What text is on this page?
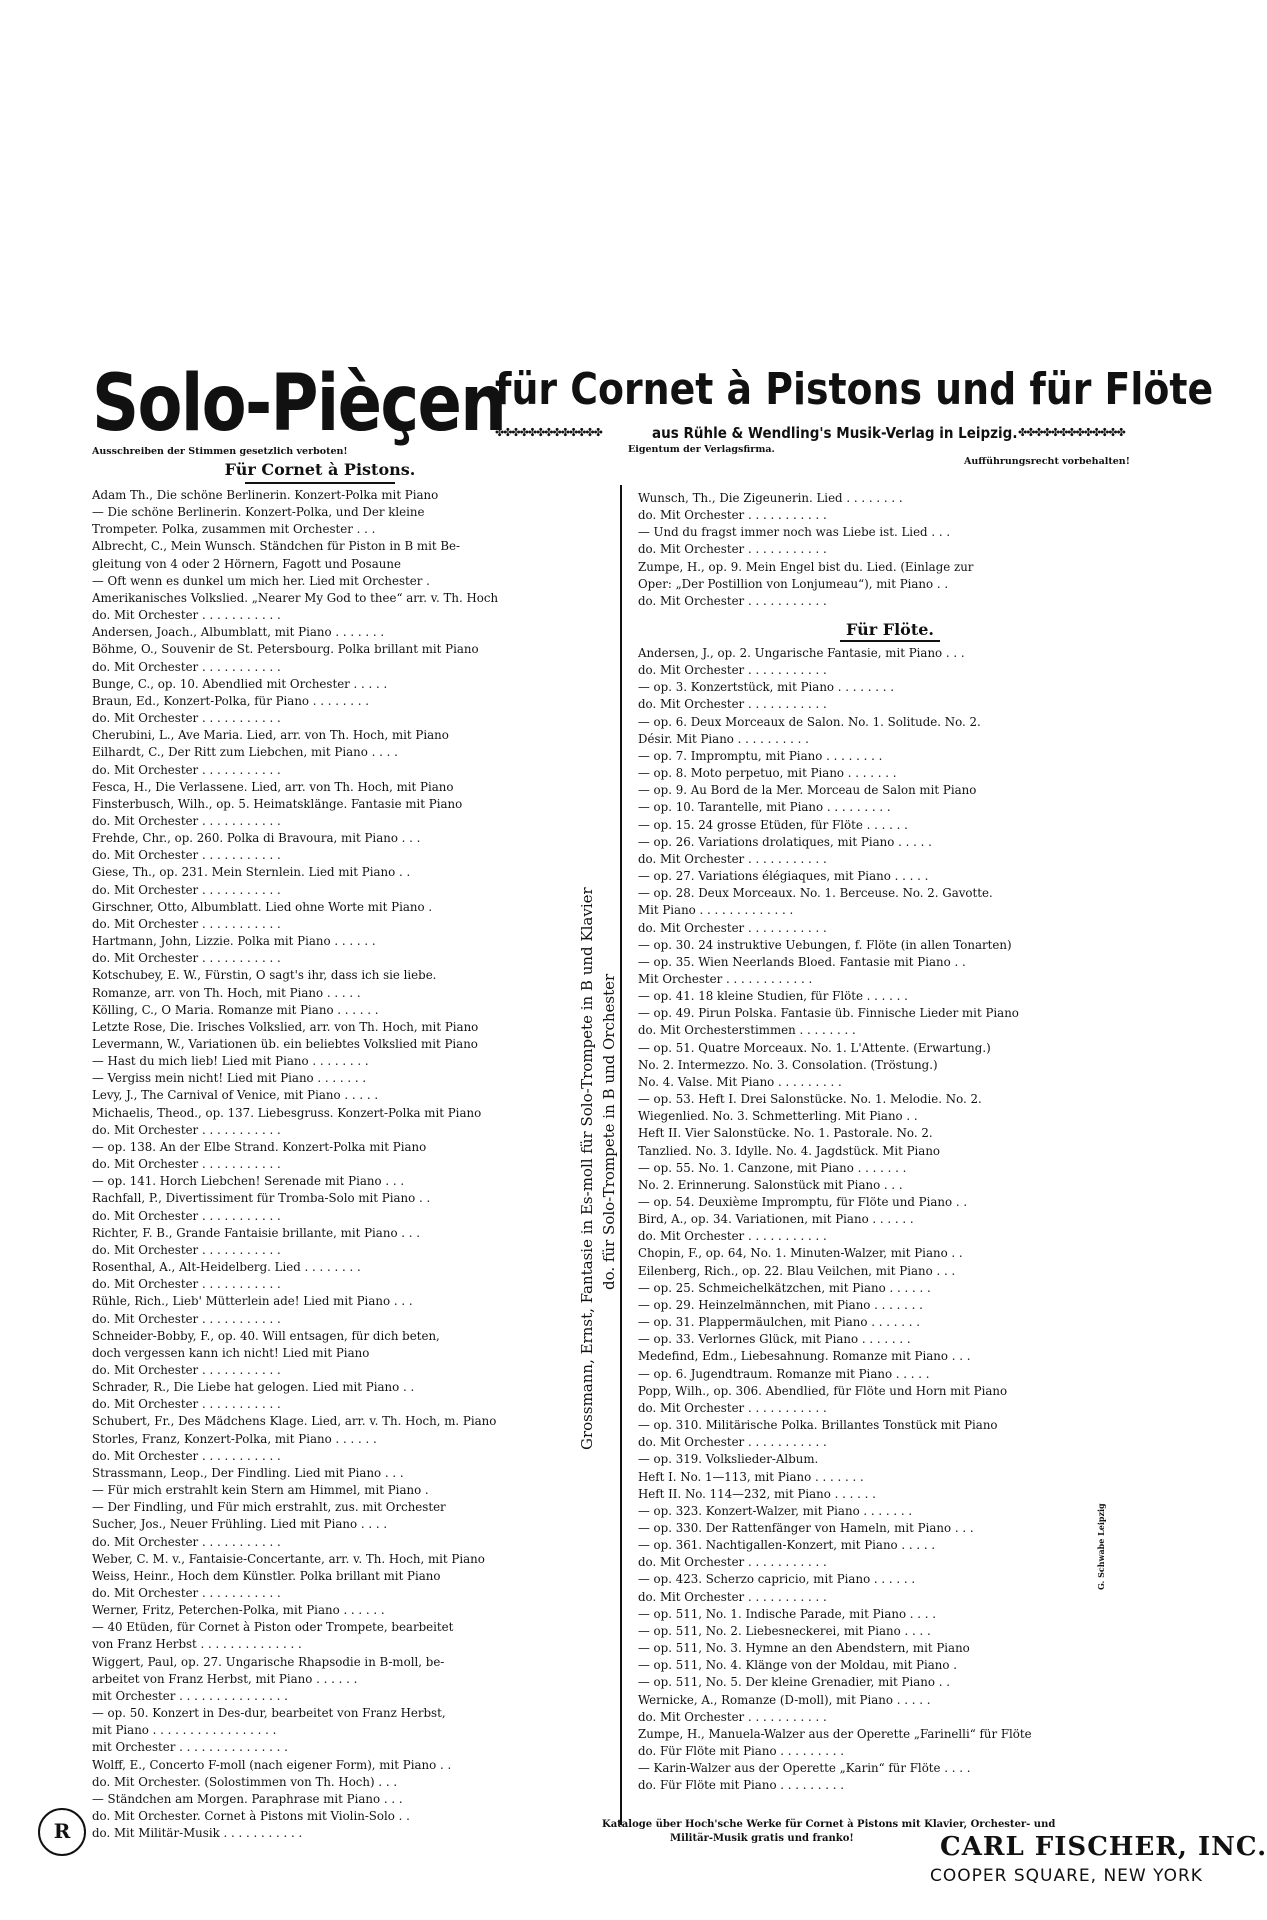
Solo-Pièçen
für Cornet à Pistons und für Flöte
✤✤✤✤✤✤✤✤✤✤✤✤✤	aus Rühle & Wendling's Musik-Verlag in Leipzig. ✤✤✤✤✤✤✤✤✤✤✤✤✤
Ausschreiben der Stimmen gesetzlich verboten!	Eigentum der Verlagsfirma.
Aufführungsrecht vorbehalten!
Für Cornet à Pistons.
Adam Th., Die schöne Berlinerin. Konzert-Polka mit Piano
— Die schöne Berlinerin. Konzert-Polka, und Der kleine
Trompeter. Polka, zusammen mit Orchester . . .
Albrecht, C., Mein Wunsch. Ständchen für Piston in B mit Be-
gleitung von 4 oder 2 Hörnern, Fagott und Posaune
— Oft wenn es dunkel um mich her. Lied mit Orchester .
Amerikanisches Volkslied. „Nearer My God to thee“ arr. v. Th. Hoch
do. Mit Orchester . . . . . . . . . . .
Andersen, Joach., Albumblatt, mit Piano . . . . . . .
Böhme, O., Souvenir de St. Petersbourg. Polka brillant mit Piano
do. Mit Orchester . . . . . . . . . . .
Bunge, C., op. 10. Abendlied mit Orchester . . . . .
Braun, Ed., Konzert-Polka, für Piano . . . . . . . .
do. Mit Orchester . . . . . . . . . . .
Cherubini, L., Ave Maria. Lied, arr. von Th. Hoch, mit Piano
Eilhardt, C., Der Ritt zum Liebchen, mit Piano . . . .
do. Mit Orchester . . . . . . . . . . .
Fesca, H., Die Verlassene. Lied, arr. von Th. Hoch, mit Piano
Finsterbusch, Wilh., op. 5. Heimatsklänge. Fantasie mit Piano
do. Mit Orchester . . . . . . . . . . .
Frehde, Chr., op. 260. Polka di Bravoura, mit Piano . . .
do. Mit Orchester . . . . . . . . . . .
Giese, Th., op. 231. Mein Sternlein. Lied mit Piano . .
do. Mit Orchester . . . . . . . . . . .
Girschner, Otto, Albumblatt. Lied ohne Worte mit Piano .
do. Mit Orchester . . . . . . . . . . .
Hartmann, John, Lizzie. Polka mit Piano . . . . . .
do. Mit Orchester . . . . . . . . . . .
Kotschubey, E. W., Fürstin, O sagt's ihr, dass ich sie liebe.
Romanze, arr. von Th. Hoch, mit Piano . . . . .
Kölling, C., O Maria. Romanze mit Piano . . . . . .
Letzte Rose, Die. Irisches Volkslied, arr. von Th. Hoch, mit Piano
Levermann, W., Variationen üb. ein beliebtes Volkslied mit Piano
— Hast du mich lieb! Lied mit Piano . . . . . . . .
— Vergiss mein nicht! Lied mit Piano . . . . . . .
Levy, J., The Carnival of Venice, mit Piano . . . . .
Michaelis, Theod., op. 137. Liebesgruss. Konzert-Polka mit Piano
do. Mit Orchester . . . . . . . . . . .
— op. 138. An der Elbe Strand. Konzert-Polka mit Piano
do. Mit Orchester . . . . . . . . . . .
— op. 141. Horch Liebchen! Serenade mit Piano . . .
Rachfall, P., Divertissiment für Tromba-Solo mit Piano . .
do. Mit Orchester . . . . . . . . . . .
Richter, F. B., Grande Fantaisie brillante, mit Piano . . .
do. Mit Orchester . . . . . . . . . . .
Rosenthal, A., Alt-Heidelberg. Lied . . . . . . . .
do. Mit Orchester . . . . . . . . . . .
Rühle, Rich., Lieb' Mütterlein ade! Lied mit Piano . . .
do. Mit Orchester . . . . . . . . . . .
Schneider-Bobby, F., op. 40. Will entsagen, für dich beten,
doch vergessen kann ich nicht! Lied mit Piano
do. Mit Orchester . . . . . . . . . . .
Schrader, R., Die Liebe hat gelogen. Lied mit Piano . .
do. Mit Orchester . . . . . . . . . . .
Schubert, Fr., Des Mädchens Klage. Lied, arr. v. Th. Hoch, m. Piano
Storles, Franz, Konzert-Polka, mit Piano . . . . . .
do. Mit Orchester . . . . . . . . . . .
Strassmann, Leop., Der Findling. Lied mit Piano . . .
— Für mich erstrahlt kein Stern am Himmel, mit Piano .
— Der Findling, und Für mich erstrahlt, zus. mit Orchester
Sucher, Jos., Neuer Frühling. Lied mit Piano . . . .
do. Mit Orchester . . . . . . . . . . .
Weber, C. M. v., Fantaisie-Concertante, arr. v. Th. Hoch, mit Piano
Weiss, Heinr., Hoch dem Künstler. Polka brillant mit Piano
do. Mit Orchester . . . . . . . . . . .
Werner, Fritz, Peterchen-Polka, mit Piano . . . . . .
— 40 Etüden, für Cornet à Piston oder Trompete, bearbeitet
von Franz Herbst . . . . . . . . . . . . . .
Wiggert, Paul, op. 27. Ungarische Rhapsodie in B-moll, be-
arbeitet von Franz Herbst, mit Piano . . . . . .
mit Orchester . . . . . . . . . . . . . . .
— op. 50. Konzert in Des-dur, bearbeitet von Franz Herbst,
mit Piano . . . . . . . . . . . . . . . . .
mit Orchester . . . . . . . . . . . . . . .
Wolff, E., Concerto F-moll (nach eigener Form), mit Piano . .
do. Mit Orchester. (Solostimmen von Th. Hoch) . . .
— Ständchen am Morgen. Paraphrase mit Piano . . .
do. Mit Orchester. Cornet à Pistons mit Violin-Solo . .
do. Mit Militär-Musik . . . . . . . . . . .
Grossmann, Ernst, Fantasie in Es-moll für Solo-Trompete in B und Klavier do. für Solo-Trompete in B und Orchester
Wunsch, Th., Die Zigeunerin. Lied . . . . . . . .
do. Mit Orchester . . . . . . . . . . .
— Und du fragst immer noch was Liebe ist. Lied . . .
do. Mit Orchester . . . . . . . . . . .
Zumpe, H., op. 9. Mein Engel bist du. Lied. (Einlage zur
Oper: „Der Postillion von Lonjumeau“), mit Piano . .
do. Mit Orchester . . . . . . . . . . .
Für Flöte.
Andersen, J., op. 2. Ungarische Fantasie, mit Piano . . .
do. Mit Orchester . . . . . . . . . . .
— op. 3. Konzertstück, mit Piano . . . . . . . .
do. Mit Orchester . . . . . . . . . . .
— op. 6. Deux Morceaux de Salon. No. 1. Solitude. No. 2.
Désir. Mit Piano . . . . . . . . . .
— op. 7. Impromptu, mit Piano . . . . . . . .
— op. 8. Moto perpetuo, mit Piano . . . . . . .
— op. 9. Au Bord de la Mer. Morceau de Salon mit Piano
— op. 10. Tarantelle, mit Piano . . . . . . . . .
— op. 15. 24 grosse Etüden, für Flöte . . . . . .
— op. 26. Variations drolatiques, mit Piano . . . . .
do. Mit Orchester . . . . . . . . . . .
— op. 27. Variations élégiaques, mit Piano . . . . .
— op. 28. Deux Morceaux. No. 1. Berceuse. No. 2. Gavotte.
Mit Piano . . . . . . . . . . . . .
do. Mit Orchester . . . . . . . . . . .
— op. 30. 24 instruktive Uebungen, f. Flöte (in allen Tonarten)
— op. 35. Wien Neerlands Bloed. Fantasie mit Piano . .
Mit Orchester . . . . . . . . . . . .
— op. 41. 18 kleine Studien, für Flöte . . . . . .
— op. 49. Pirun Polska. Fantasie üb. Finnische Lieder mit Piano
do. Mit Orchesterstimmen . . . . . . . .
— op. 51. Quatre Morceaux. No. 1. L'Attente. (Erwartung.)
No. 2. Intermezzo. No. 3. Consolation. (Tröstung.)
No. 4. Valse. Mit Piano . . . . . . . . .
— op. 53. Heft I. Drei Salonstücke. No. 1. Melodie. No. 2.
Wiegenlied. No. 3. Schmetterling. Mit Piano . .
Heft II. Vier Salonstücke. No. 1. Pastorale. No. 2.
Tanzlied. No. 3. Idylle. No. 4. Jagdstück. Mit Piano
— op. 55. No. 1. Canzone, mit Piano . . . . . . .
No. 2. Erinnerung. Salonstück mit Piano . . .
— op. 54. Deuxième Impromptu, für Flöte und Piano . .
Bird, A., op. 34. Variationen, mit Piano . . . . . .
do. Mit Orchester . . . . . . . . . . .
Chopin, F., op. 64, No. 1. Minuten-Walzer, mit Piano . .
Eilenberg, Rich., op. 22. Blau Veilchen, mit Piano . . .
— op. 25. Schmeichelkätzchen, mit Piano . . . . . .
— op. 29. Heinzelmännchen, mit Piano . . . . . . .
— op. 31. Plappermäulchen, mit Piano . . . . . . .
— op. 33. Verlornes Glück, mit Piano . . . . . . .
Medefind, Edm., Liebesahnung. Romanze mit Piano . . .
— op. 6. Jugendtraum. Romanze mit Piano . . . . .
Popp, Wilh., op. 306. Abendlied, für Flöte und Horn mit Piano
do. Mit Orchester . . . . . . . . . . .
— op. 310. Militärische Polka. Brillantes Tonstück mit Piano
do. Mit Orchester . . . . . . . . . . .
— op. 319. Volkslieder-Album.
Heft I. No. 1—113, mit Piano . . . . . . .
Heft II. No. 114—232, mit Piano . . . . . .
— op. 323. Konzert-Walzer, mit Piano . . . . . . .
— op. 330. Der Rattenfänger von Hameln, mit Piano . . .
— op. 361. Nachtigallen-Konzert, mit Piano . . . . .
do. Mit Orchester . . . . . . . . . . .
— op. 423. Scherzo capricio, mit Piano . . . . . .
do. Mit Orchester . . . . . . . . . . .
— op. 511, No. 1. Indische Parade, mit Piano . . . .
— op. 511, No. 2. Liebesneckerei, mit Piano . . . .
— op. 511, No. 3. Hymne an den Abendstern, mit Piano
— op. 511, No. 4. Klänge von der Moldau, mit Piano .
— op. 511, No. 5. Der kleine Grenadier, mit Piano . .
Wernicke, A., Romanze (D-moll), mit Piano . . . . .
do. Mit Orchester . . . . . . . . . . .
Zumpe, H., Manuela-Walzer aus der Operette „Farinelli“ für Flöte
do. Für Flöte mit Piano . . . . . . . . .
— Karin-Walzer aus der Operette „Karin“ für Flöte . . . .
do. Für Flöte mit Piano . . . . . . . . .
G. Schwabe Leipzig
R	Kataloge über Hoch'sche Werke für Cornet à Pistons mit Klavier, Orchester- und
Militär-Musik gratis und franko!	CARL FISCHER, INC.
COOPER SQUARE, NEW YORK
